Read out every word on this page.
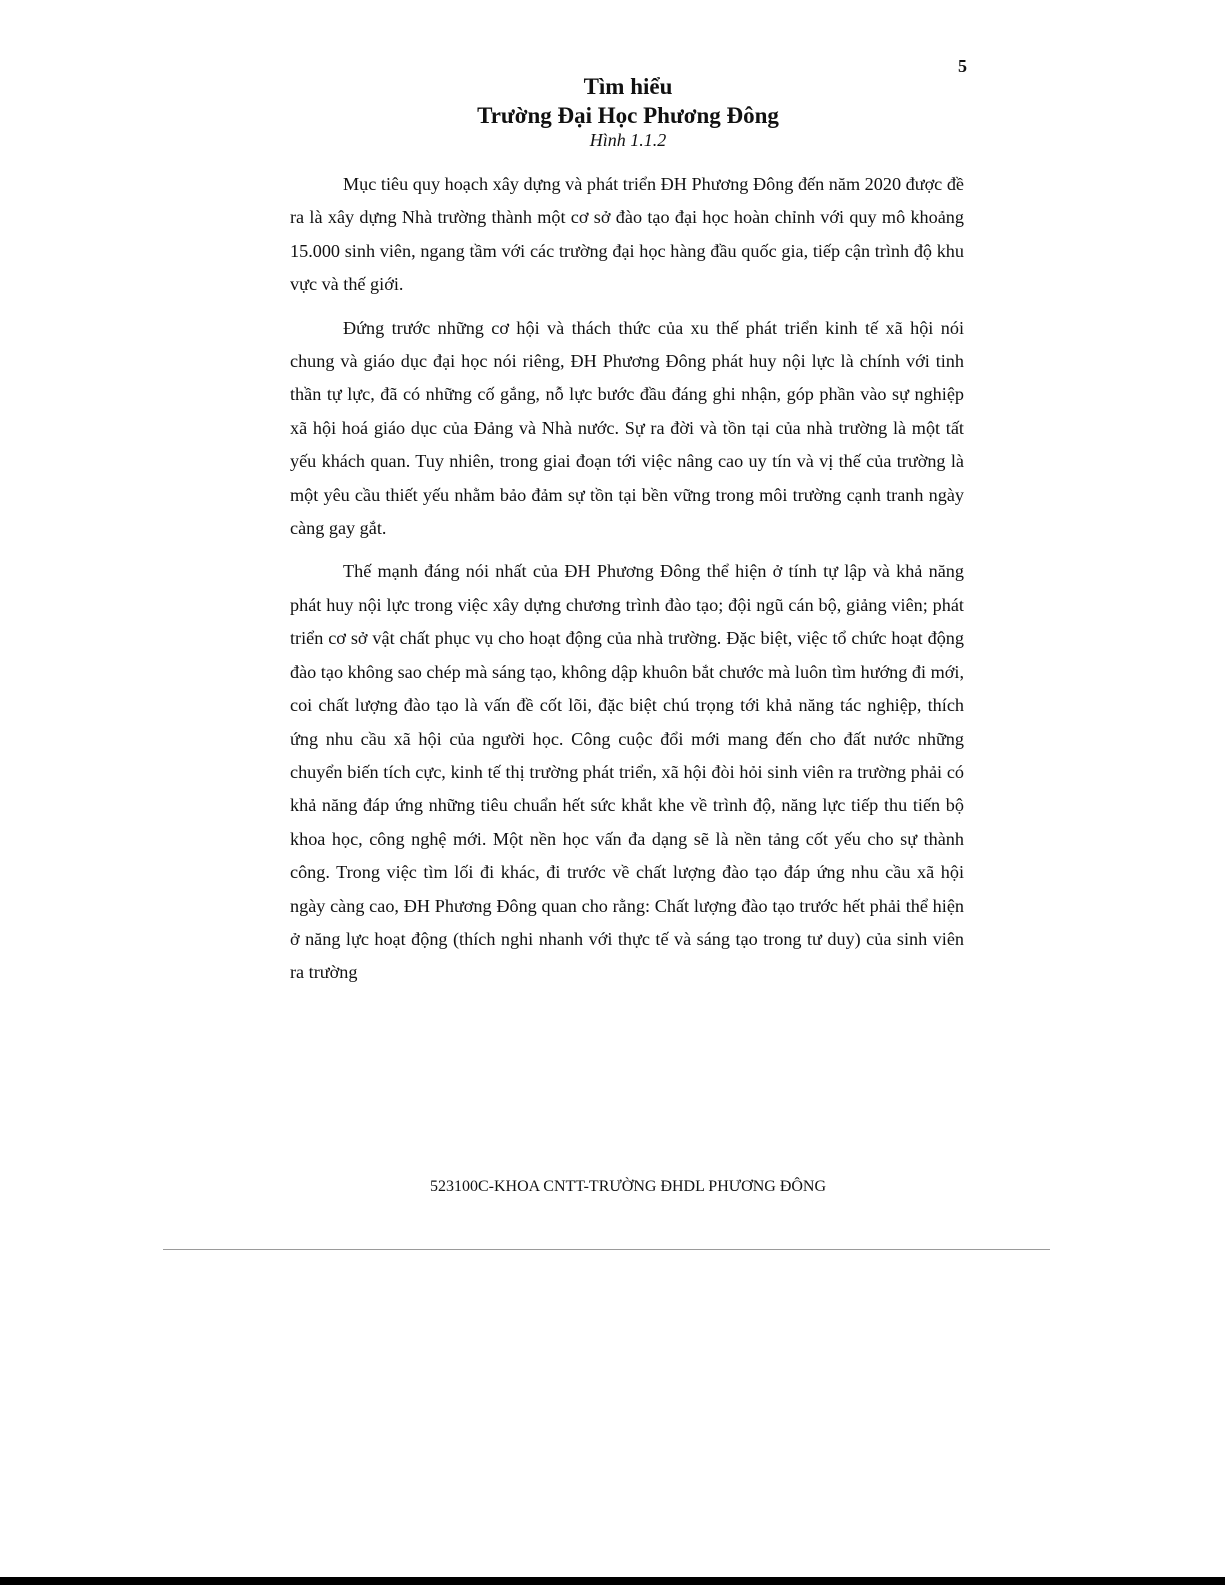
5
Tìm hiểu
Trường Đại Học Phương Đông
Hình 1.1.2

Mục tiêu quy hoạch xây dựng và phát triển ĐH Phương Đông đến năm 2020 được đề ra là xây dựng Nhà trường thành một cơ sở đào tạo đại học hoàn chỉnh với quy mô khoảng 15.000 sinh viên, ngang tầm với các trường đại học hàng đầu quốc gia, tiếp cận trình độ khu vực và thế giới.

Đứng trước những cơ hội và thách thức của xu thế phát triển kinh tế xã hội nói chung và giáo dục đại học nói riêng, ĐH Phương Đông phát huy nội lực là chính với tinh thần tự lực, đã có những cố gắng, nỗ lực bước đầu đáng ghi nhận, góp phần vào sự nghiệp xã hội hoá giáo dục của Đảng và Nhà nước. Sự ra đời và tồn tại của nhà trường là một tất yếu khách quan. Tuy nhiên, trong giai đoạn tới việc nâng cao uy tín và vị thế của trường là một yêu cầu thiết yếu nhằm bảo đảm sự tồn tại bền vững trong môi trường cạnh tranh ngày càng gay gắt.

Thế mạnh đáng nói nhất của ĐH Phương Đông thể hiện ở tính tự lập và khả năng phát huy nội lực trong việc xây dựng chương trình đào tạo; đội ngũ cán bộ, giảng viên; phát triển cơ sở vật chất phục vụ cho hoạt động của nhà trường. Đặc biệt, việc tổ chức hoạt động đào tạo không sao chép mà sáng tạo, không dập khuôn bắt chước mà luôn tìm hướng đi mới, coi chất lượng đào tạo là vấn đề cốt lõi, đặc biệt chú trọng tới khả năng tác nghiệp, thích ứng nhu cầu xã hội của người học. Công cuộc đổi mới mang đến cho đất nước những chuyển biến tích cực, kinh tế thị trường phát triển, xã hội đòi hỏi sinh viên ra trường phải có khả năng đáp ứng những tiêu chuẩn hết sức khắt khe về trình độ, năng lực tiếp thu tiến bộ khoa học, công nghệ mới. Một nền học vấn đa dạng sẽ là nền tảng cốt yếu cho sự thành công. Trong việc tìm lối đi khác, đi trước về chất lượng đào tạo đáp ứng nhu cầu xã hội ngày càng cao, ĐH Phương Đông quan cho rằng: Chất lượng đào tạo trước hết phải thể hiện ở năng lực hoạt động (thích nghi nhanh với thực tế và sáng tạo trong tư duy) của sinh viên ra trường

523100C-KHOA CNTT-TRƯỜNG ĐHDL PHƯƠNG ĐÔNG
